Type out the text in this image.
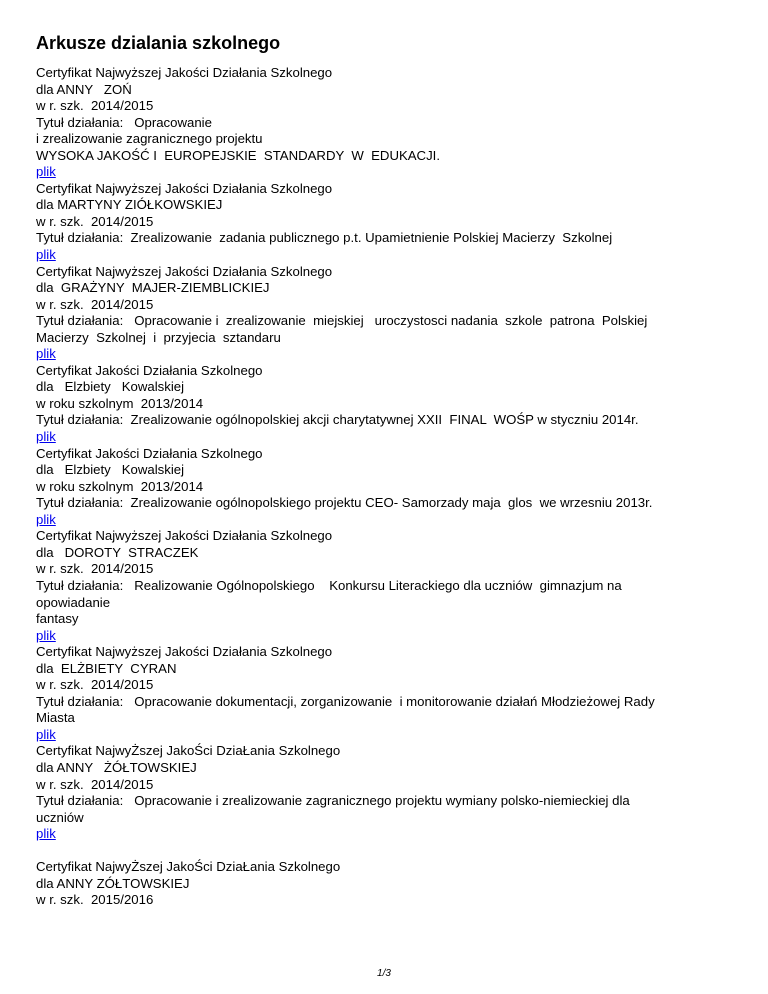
Arkusze dzialania szkolnego
Certyfikat Najwyższej Jakości Działania Szkolnego
dla ANNY   ZOŃ
w r. szk.  2014/2015
Tytuł działania:   Opracowanie
i zrealizowanie zagranicznego projektu
WYSOKA JAKOŚĆ I  EUROPEJSKIE  STANDARDY  W  EDUKACJI.
plik
Certyfikat Najwyższej Jakości Działania Szkolnego
dla MARTYNY ZIÓŁKOWSKIEJ
w r. szk.  2014/2015
Tytuł działania:  Zrealizowanie  zadania publicznego p.t. Upamietnienie Polskiej Macierzy  Szkolnej
plik
Certyfikat Najwyższej Jakości Działania Szkolnego
dla  GRAŻYNY  MAJER-ZIEMBLICKIEJ
w r. szk.  2014/2015
Tytuł działania:   Opracowanie i  zrealizowanie  miejskiej   uroczystosci nadania  szkole  patrona  Polskiej
Macierzy  Szkolnej  i  przyjecia  sztandaru
plik
Certyfikat Jakości Działania Szkolnego
dla   Elzbiety   Kowalskiej
w roku szkolnym  2013/2014
Tytuł działania:  Zrealizowanie ogólnopolskiej akcji charytatywnej XXII  FINAL  WOŚP w styczniu 2014r.
plik
Certyfikat Jakości Działania Szkolnego
dla   Elzbiety   Kowalskiej
w roku szkolnym  2013/2014
Tytuł działania:  Zrealizowanie ogólnopolskiego projektu CEO- Samorzady maja  glos  we wrzesniu 2013r.
plik
Certyfikat Najwyższej Jakości Działania Szkolnego
dla   DOROTY  STRACZEK
w r. szk.  2014/2015
Tytuł działania:   Realizowanie Ogólnopolskiego    Konkursu Literackiego dla uczniów  gimnazjum na
opowiadanie
fantasy
plik
Certyfikat Najwyższej Jakości Działania Szkolnego
dla  ELŻBIETY  CYRAN
w r. szk.  2014/2015
Tytuł działania:   Opracowanie dokumentacji, zorganizowanie  i monitorowanie działań Młodzieżowej Rady
Miasta
plik
Certyfikat NajwyŻszej JakoŚci DziaŁania Szkolnego
dla ANNY   ŻÓŁTOWSKIEJ
w r. szk.  2014/2015
Tytuł działania:   Opracowanie i zrealizowanie zagranicznego projektu wymiany polsko-niemieckiej dla
uczniów
plik
Certyfikat NajwyŻszej JakoŚci DziaŁania Szkolnego
dla ANNY ZÓŁTOWSKIEJ
w r. szk.  2015/2016
1/3
